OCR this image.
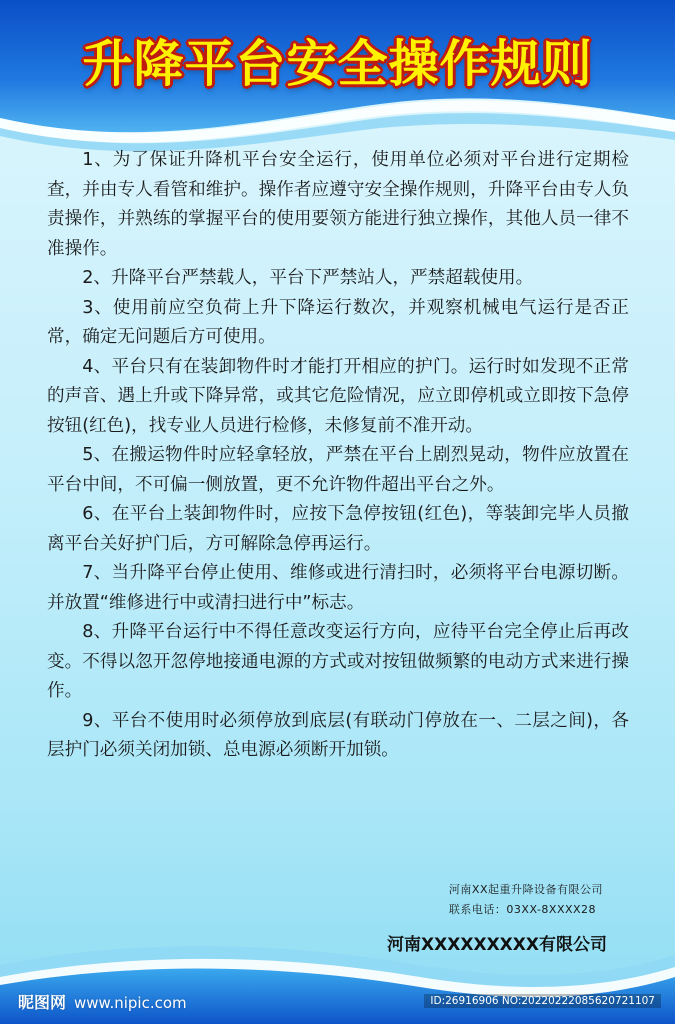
升降平台安全操作规则

1、为了保证升降机平台安全运行，使用单位必须对平台进行定期检查，并由专人看管和维护。操作者应遵守安全操作规则，升降平台由专人负责操作，并熟练的掌握平台的使用要领方能进行独立操作，其他人员一律不准操作。

2、升降平台严禁载人，平台下严禁站人，严禁超载使用。

3、使用前应空负荷上升下降运行数次，并观察机械电气运行是否正常，确定无问题后方可使用。

4、平台只有在装卸物件时才能打开相应的护门。运行时如发现不正常的声音、遇上升或下降异常，或其它危险情况，应立即停机或立即按下急停按钮(红色)，找专业人员进行检修，未修复前不准开动。

5、在搬运物件时应轻拿轻放，严禁在平台上剧烈晃动，物件应放置在平台中间，不可偏一侧放置，更不允许物件超出平台之外。

6、在平台上装卸物件时，应按下急停按钮(红色)，等装卸完毕人员撤离平台关好护门后，方可解除急停再运行。

7、当升降平台停止使用、维修或进行清扫时，必须将平台电源切断。并放置“维修进行中或清扫进行中”标志。

8、升降平台运行中不得任意改变运行方向，应待平台完全停止后再改变。不得以忽开忽停地接通电源的方式或对按钮做频繁的电动方式来进行操作。

9、平台不使用时必须停放到底层(有联动门停放在一、二层之间)，各层护门必须关闭加锁、总电源必须断开加锁。

河南XX起重升降设备有限公司
联系电话：03XX-8XXXX28
河南XXXXXXXXX有限公司
昵图网 www.nipic.com	ID:26916906 NO:20220222085620721107
